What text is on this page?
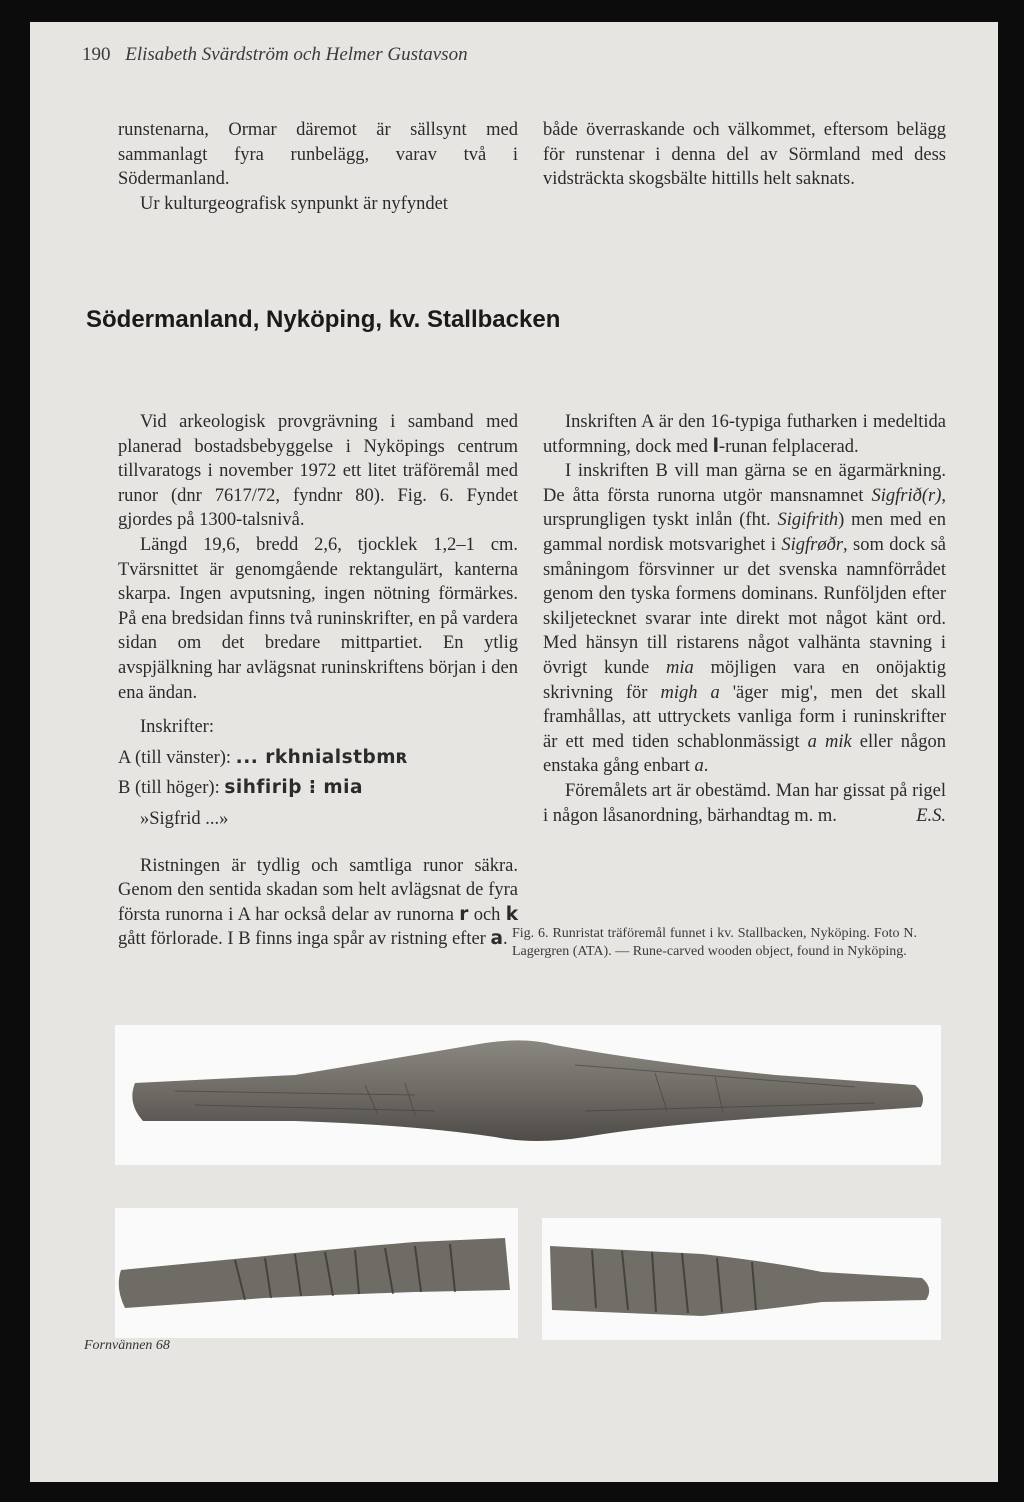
190 Elisabeth Svärdström och Helmer Gustavson

runstenarna, Ormar däremot är sällsynt med sammanlagt fyra runbelägg, varav två i Södermanland.

Ur kulturgeografisk synpunkt är nyfyndet

både överraskande och välkommet, eftersom belägg för runstenar i denna del av Sörmland med dess vidsträckta skogsbälte hittills helt saknats.

Södermanland, Nyköping, kv. Stallbacken

Vid arkeologisk provgrävning i samband med planerad bostadsbebyggelse i Nyköpings centrum tillvaratogs i november 1972 ett litet träföremål med runor (dnr 7617/72, fyndnr 80). Fig. 6. Fyndet gjordes på 1300-talsnivå.

Längd 19,6, bredd 2,6, tjocklek 1,2–1 cm. Tvärsnittet är genomgående rektangulärt, kanterna skarpa. Ingen avputsning, ingen nötning förmärkes. På ena bredsidan finns två runinskrifter, en på vardera sidan om det bredare mittpartiet. En ytlig avspjälkning har avlägsnat runinskriftens början i den ena ändan.

Inskrifter:

A (till vänster): ... rkhnialstbmʀ

B (till höger): sihfiriþ ⁝ mia

»Sigfrid ...»

Ristningen är tydlig och samtliga runor säkra. Genom den sentida skadan som helt avlägsnat de fyra första runorna i A har också delar av runorna r och k gått förlorade. I B finns inga spår av ristning efter a.

Inskriften A är den 16-typiga futharken i medeltida utformning, dock med l-runan felplacerad.

I inskriften B vill man gärna se en ägarmärkning. De åtta första runorna utgör mansnamnet Sigfrið(r), ursprungligen tyskt inlån (fht. Sigifrith) men med en gammal nordisk motsvarighet i Sigfrøðr, som dock så småningom försvinner ur det svenska namnförrådet genom den tyska formens dominans. Runföljden efter skiljetecknet svarar inte direkt mot något känt ord. Med hänsyn till ristarens något valhänta stavning i övrigt kunde mia möjligen vara en onöjaktig skrivning för migh a 'äger mig', men det skall framhållas, att uttryckets vanliga form i runinskrifter är ett med tiden schablonmässigt a mik eller någon enstaka gång enbart a.

Föremålets art är obestämd. Man har gissat på rigel i någon låsanordning, bärhandtag m. m.	E.S.

Fig. 6. Runristat träföremål funnet i kv. Stallbacken, Nyköping. Foto N. Lagergren (ATA). — Rune-carved wooden object, found in Nyköping.
Fornvännen 68
